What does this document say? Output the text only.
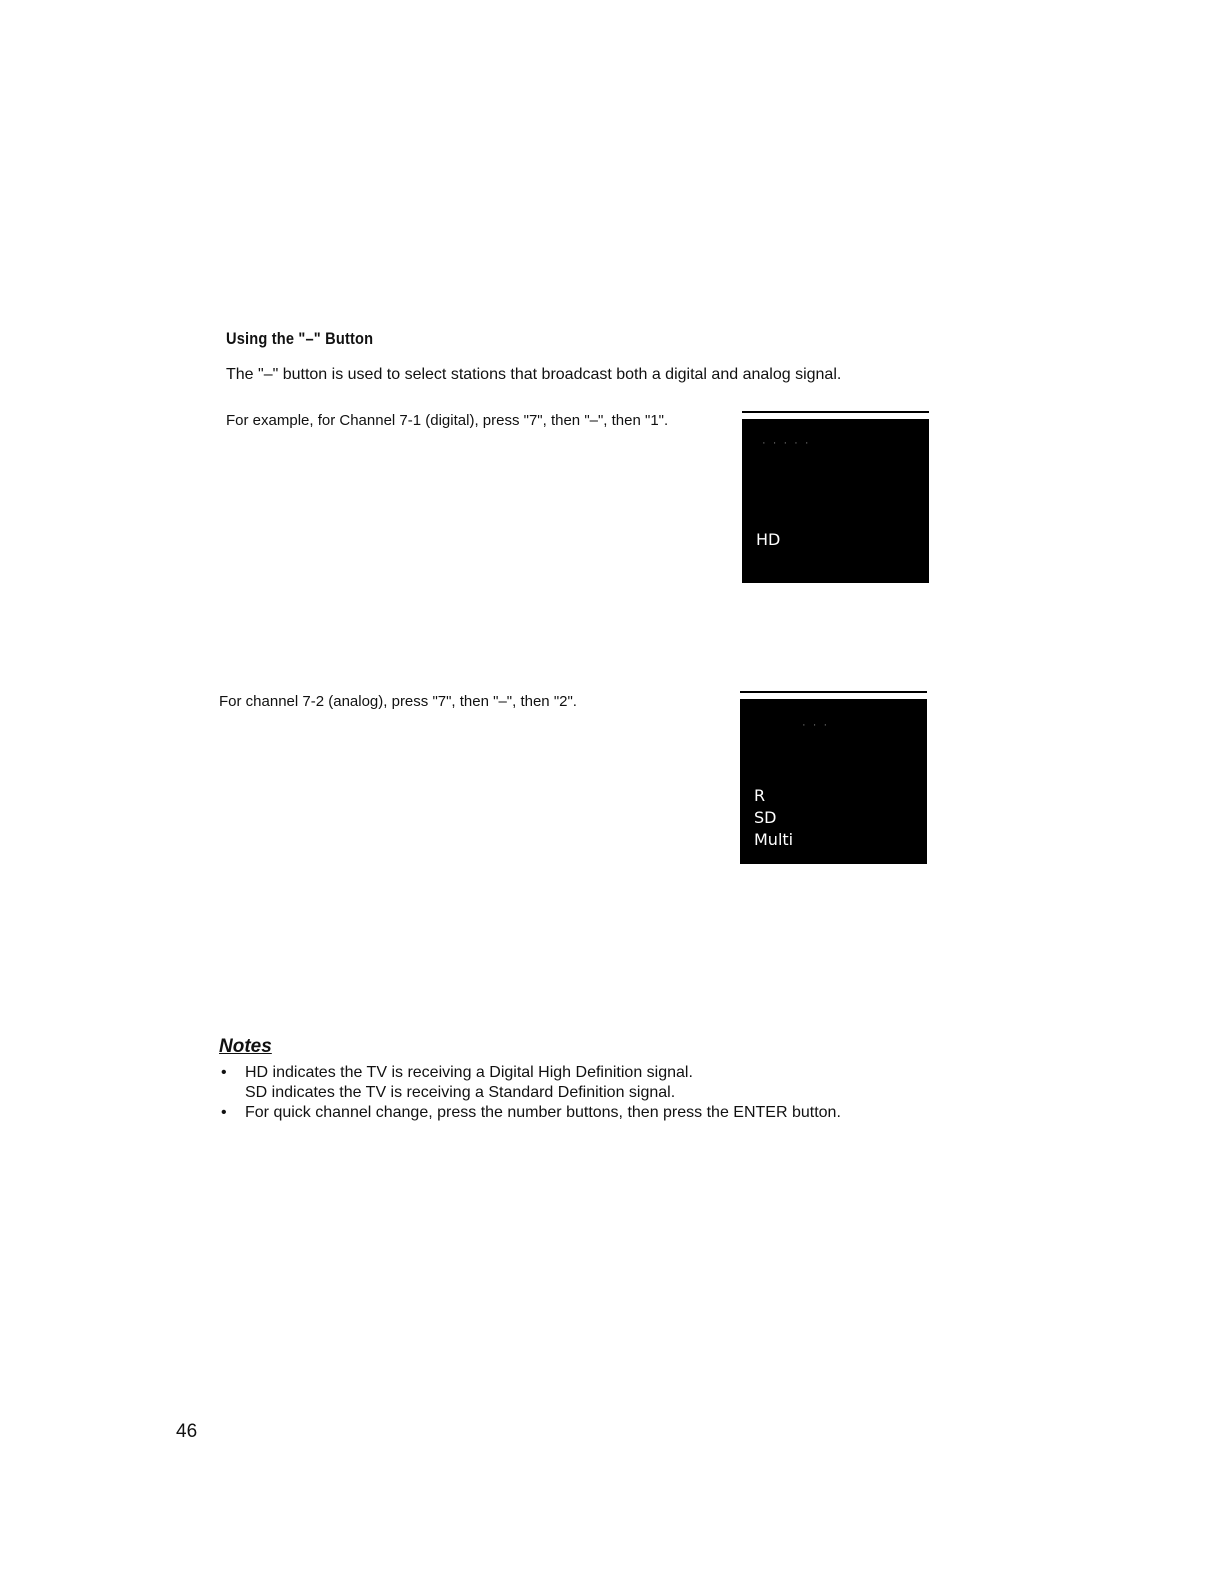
Using the "–" Button
The "–" button is used to select stations that broadcast both a digital and analog signal.
For example, for Channel 7-1 (digital), press "7", then "–", then "1".
· · · · ·
HD
For channel 7-2 (analog), press "7", then "–", then "2".
· · ·
R
SD
Multi
Notes
• HD indicates the TV is receiving a Digital High Definition signal.
SD indicates the TV is receiving a Standard Definition signal.
• For quick channel change, press the number buttons, then press the ENTER button.
46
